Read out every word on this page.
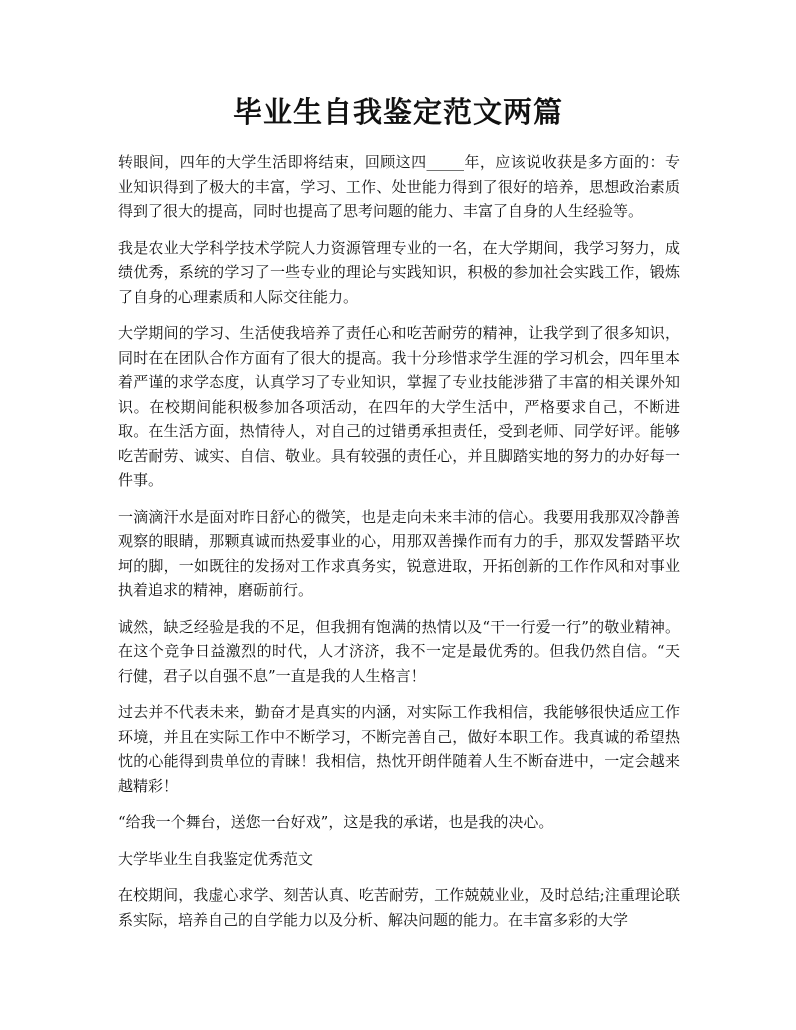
毕业生自我鉴定范文两篇

转眼间，四年的大学生活即将结束，回顾这四_____年，应该说收获是多方面的：专业知识得到了极大的丰富，学习、工作、处世能力得到了很好的培养，思想政治素质得到了很大的提高，同时也提高了思考问题的能力、丰富了自身的人生经验等。

我是农业大学科学技术学院人力资源管理专业的一名，在大学期间，我学习努力，成绩优秀，系统的学习了一些专业的理论与实践知识，积极的参加社会实践工作，锻炼了自身的心理素质和人际交往能力。

大学期间的学习、生活使我培养了责任心和吃苦耐劳的精神，让我学到了很多知识，同时在在团队合作方面有了很大的提高。我十分珍惜求学生涯的学习机会，四年里本着严谨的求学态度，认真学习了专业知识，掌握了专业技能涉猎了丰富的相关课外知识。在校期间能积极参加各项活动，在四年的大学生活中，严格要求自己，不断进取。在生活方面，热情待人，对自己的过错勇承担责任，受到老师、同学好评。能够吃苦耐劳、诚实、自信、敬业。具有较强的责任心，并且脚踏实地的努力的办好每一件事。

一滴滴汗水是面对昨日舒心的微笑，也是走向未来丰沛的信心。我要用我那双冷静善观察的眼睛，那颗真诚而热爱事业的心，用那双善操作而有力的手，那双发誓踏平坎坷的脚，一如既往的发扬对工作求真务实，锐意进取，开拓创新的工作作风和对事业执着追求的精神，磨砺前行。

诚然，缺乏经验是我的不足，但我拥有饱满的热情以及“干一行爱一行”的敬业精神。在这个竞争日益激烈的时代，人才济济，我不一定是最优秀的。但我仍然自信。“天行健，君子以自强不息”一直是我的人生格言！

过去并不代表未来，勤奋才是真实的内涵，对实际工作我相信，我能够很快适应工作环境，并且在实际工作中不断学习，不断完善自己，做好本职工作。我真诚的希望热忱的心能得到贵单位的青睐！我相信，热忱开朗伴随着人生不断奋进中，一定会越来越精彩！

“给我一个舞台，送您一台好戏”，这是我的承诺，也是我的决心。

大学毕业生自我鉴定优秀范文

在校期间，我虚心求学、刻苦认真、吃苦耐劳，工作兢兢业业，及时总结;注重理论联系实际，培养自己的自学能力以及分析、解决问题的能力。在丰富多彩的大学
